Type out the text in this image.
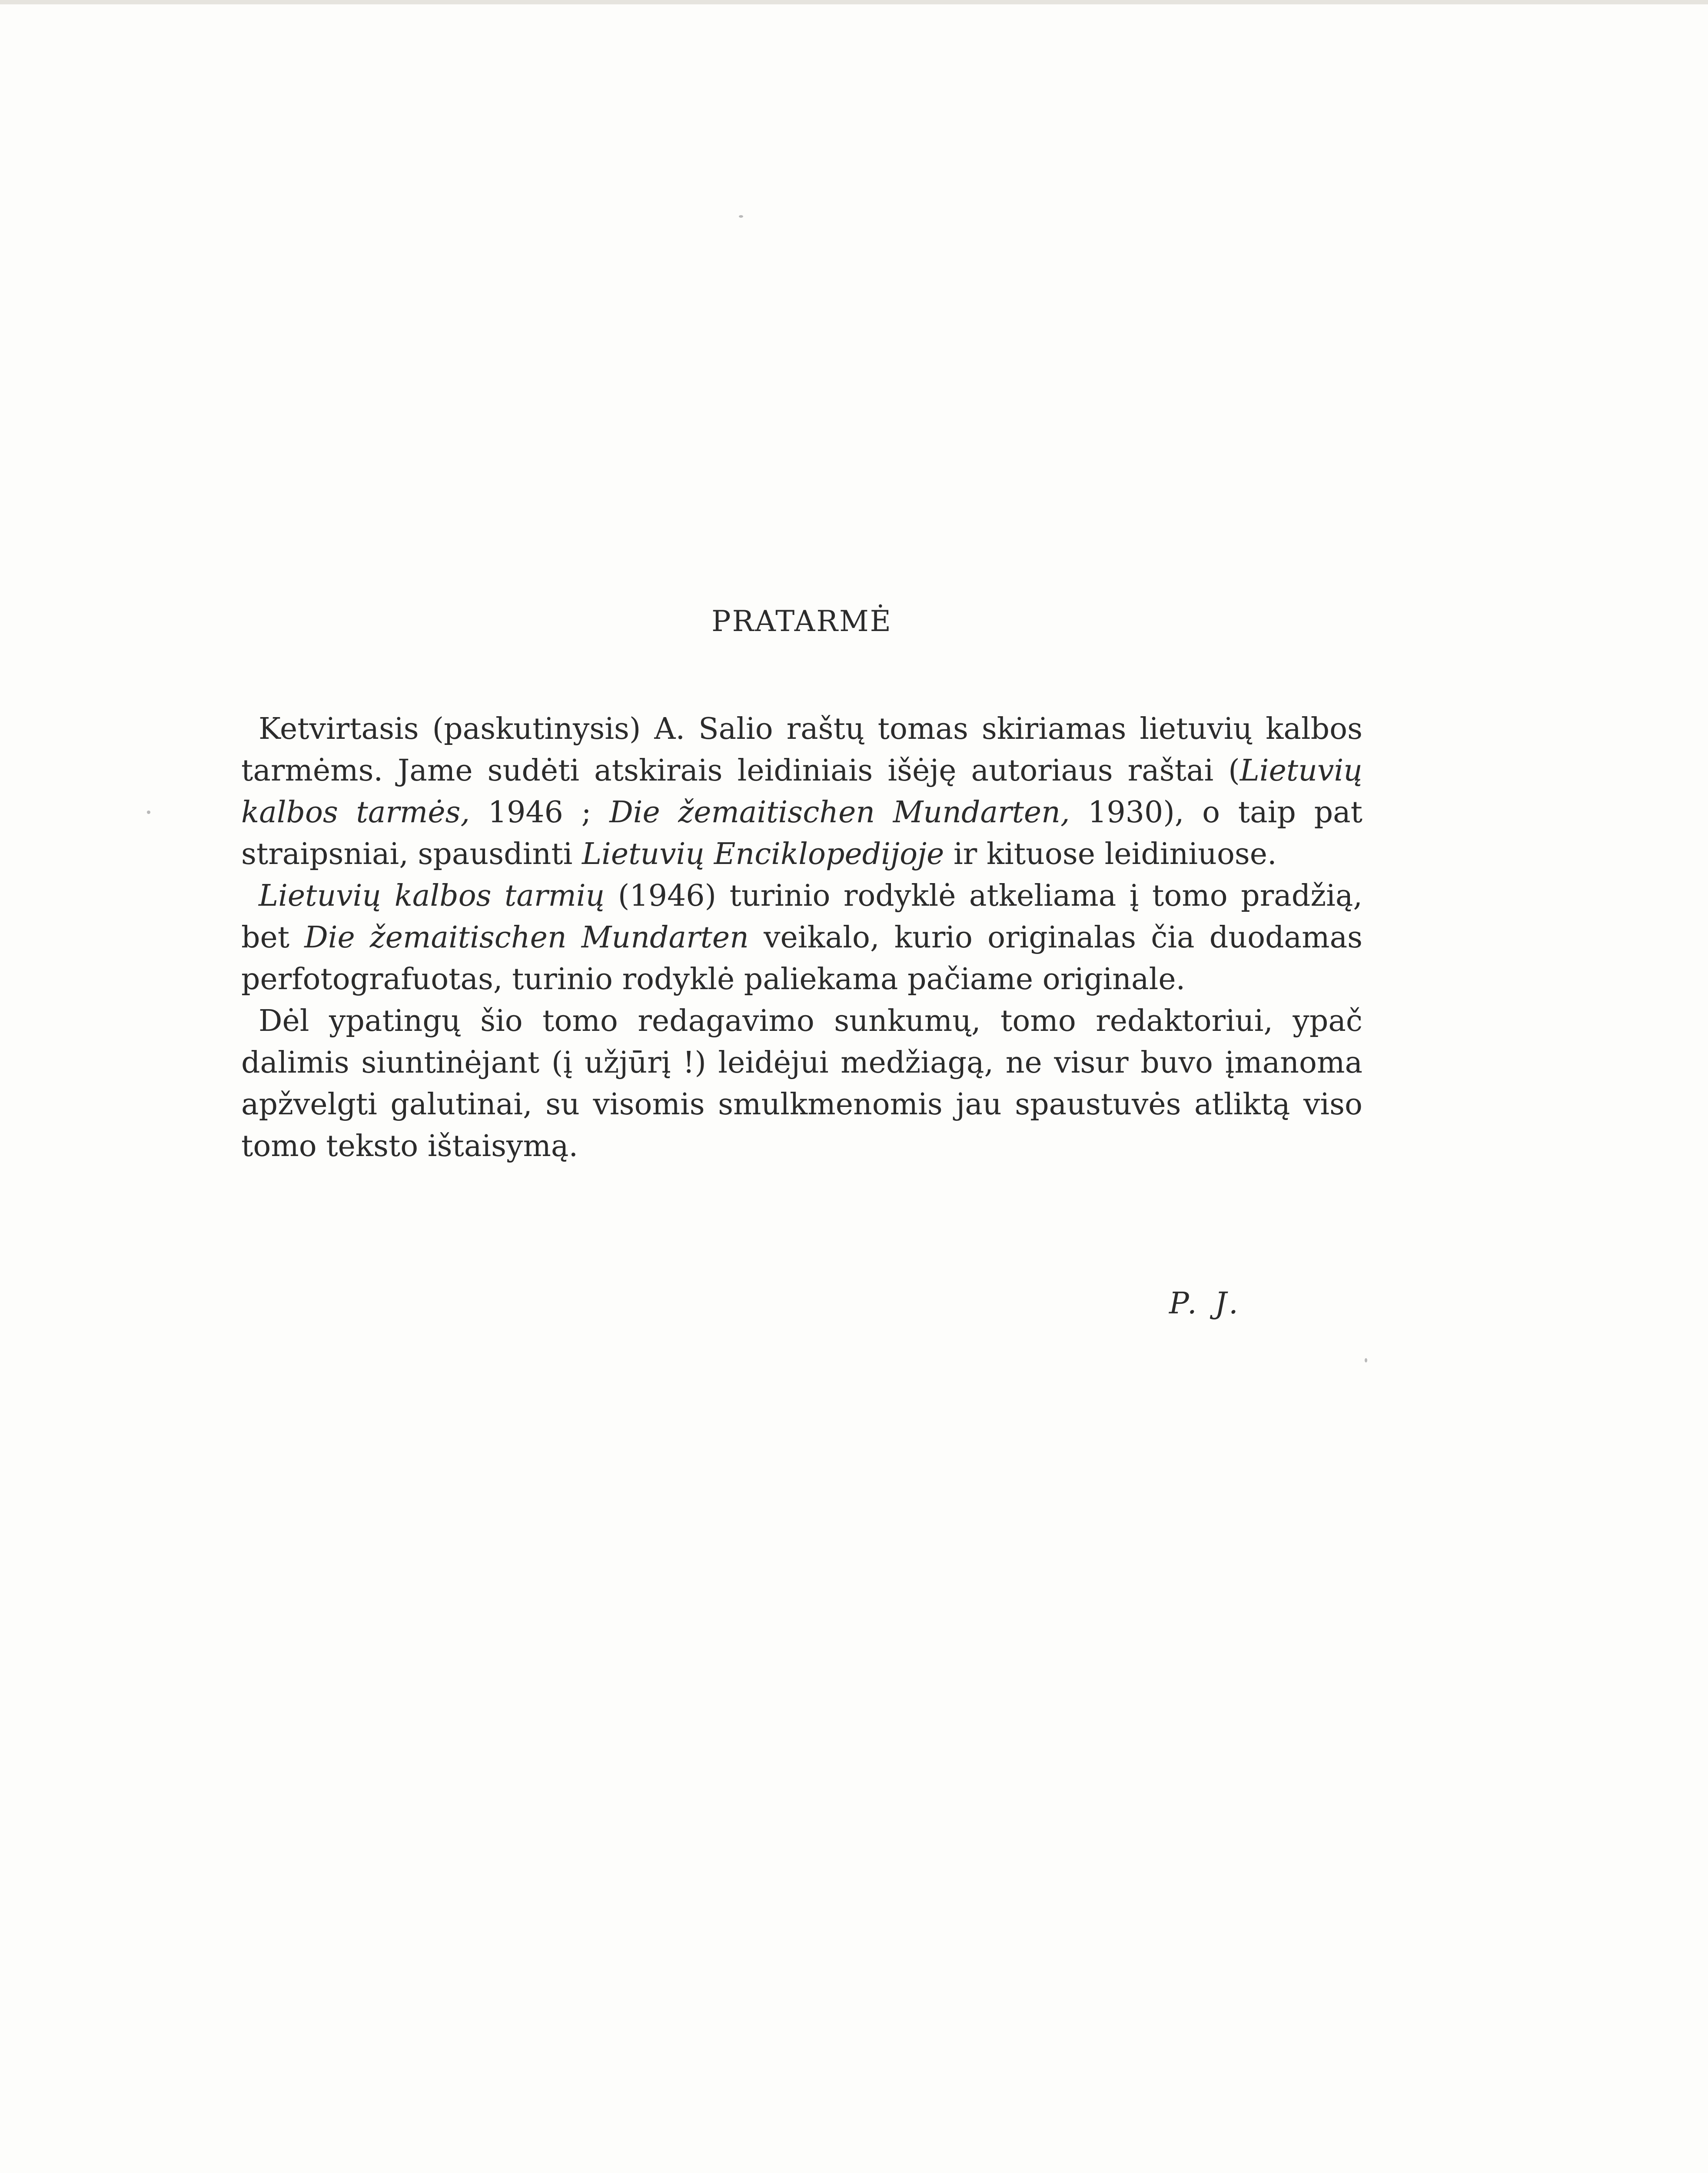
PRATARMĖ

Ketvirtasis (paskutinysis) A. Salio raštų tomas skiriamas lietuvių kalbos tarmėms. Jame sudėti atskirais leidiniais išėję autoriaus raštai (Lietuvių kalbos tarmės, 1946 ; Die žemaitischen Mundarten, 1930), o taip pat straipsniai, spausdinti Lietuvių Enciklopedijoje ir kituose leidiniuose.

Lietuvių kalbos tarmių (1946) turinio rodyklė atkeliama į tomo pradžią, bet Die žemaitischen Mundarten veikalo, kurio originalas čia duodamas perfotografuotas, turinio rodyklė paliekama pačiame originale.

Dėl ypatingų šio tomo redagavimo sunkumų, tomo redaktoriui, ypač dalimis siuntinėjant (į užjūrį !) leidėjui medžiagą, ne visur buvo įmanoma apžvelgti galutinai, su visomis smulkmenomis jau spaustuvės atliktą viso tomo teksto ištaisymą.

P. J.
